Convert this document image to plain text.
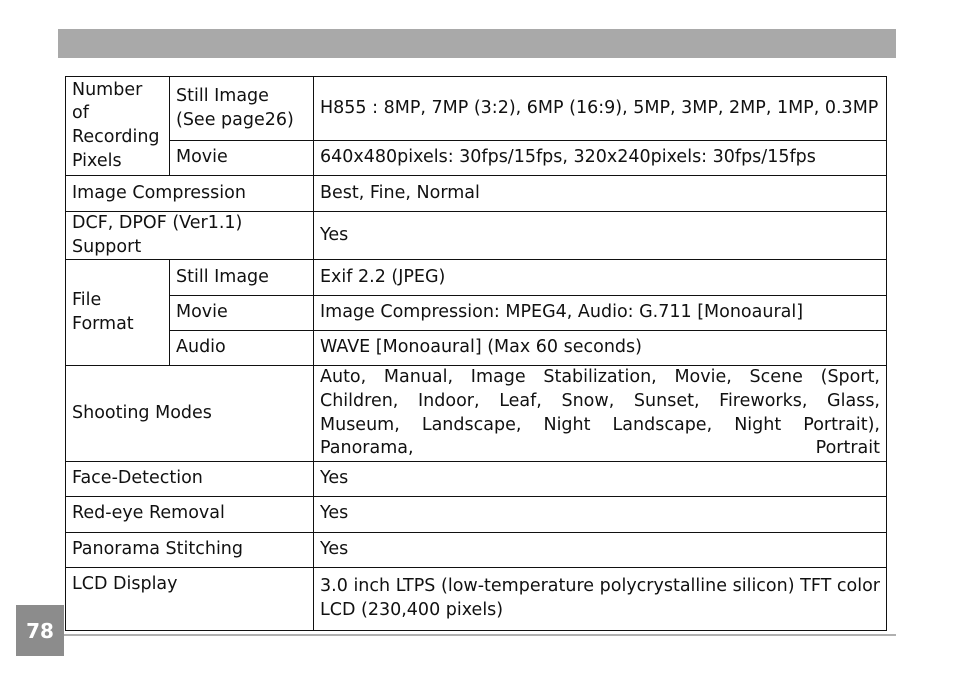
Number of Recording Pixels	Still Image (See page26)	H855 : 8MP, 7MP (3:2), 6MP (16:9), 5MP, 3MP, 2MP, 1MP, 0.3MP
	Movie	640x480pixels: 30fps/15fps, 320x240pixels: 30fps/15fps
Image Compression		Best, Fine, Normal
DCF, DPOF (Ver1.1) Support		Yes
File Format	Still Image	Exif 2.2 (JPEG)
	Movie	Image Compression: MPEG4, Audio: G.711 [Monoaural]
	Audio	WAVE [Monoaural] (Max 60 seconds)
Shooting Modes		Auto, Manual, Image Stabilization, Movie, Scene (Sport, Children, Indoor, Leaf, Snow, Sunset, Fireworks, Glass, Museum, Landscape, Night Landscape, Night Portrait), Panorama, Portrait
Face-Detection		Yes
Red-eye Removal		Yes
Panorama Stitching		Yes
LCD Display		3.0 inch LTPS (low-temperature polycrystalline silicon) TFT color LCD (230,400 pixels)
78
